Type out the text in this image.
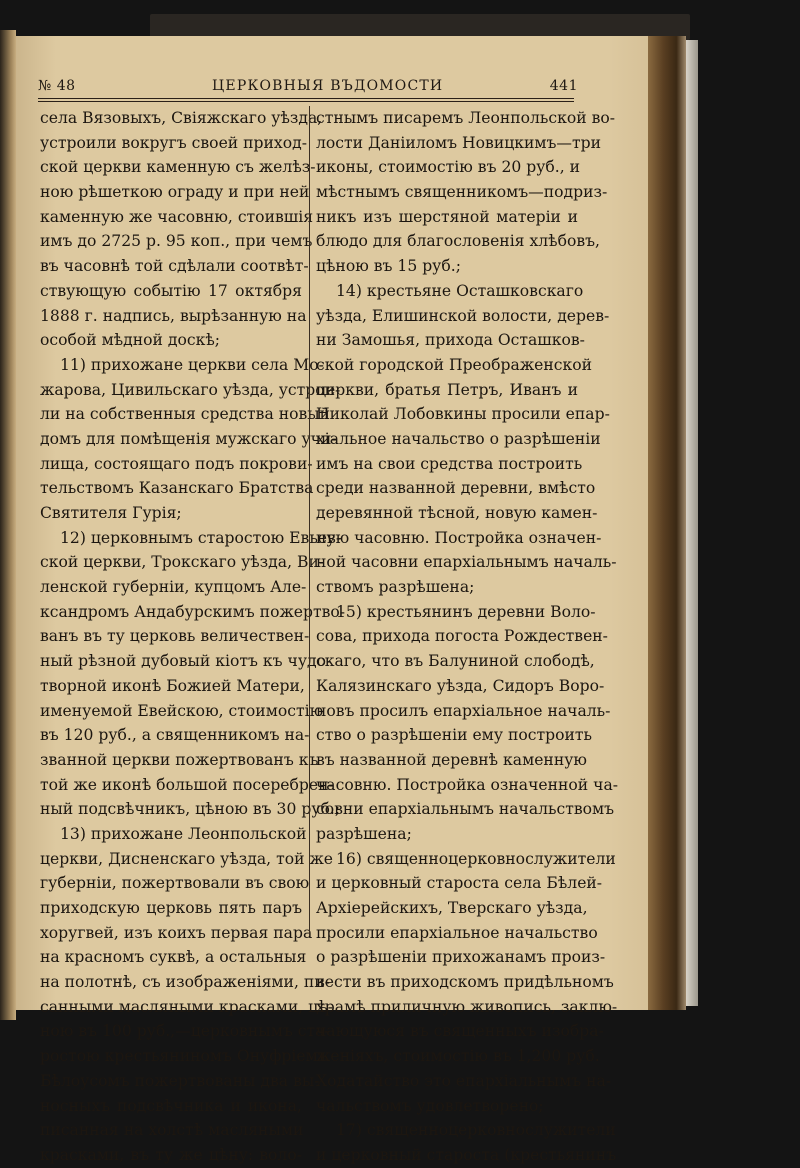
№ 48	ЦЕРКОВНЫЯ ВЪДОМОСТИ	441
села Вязовыхъ, Свіяжскаго уѣзда,
устроили вокругъ своей приход-
ской церкви каменную съ желѣз-
ною рѣшеткою ограду и при ней
каменную же часовню, стоившія
имъ до 2725 р. 95 коп., при чемъ
въ часовнѣ той сдѣлали соотвѣт-
ствующую событію 17 октября
1888 г. надпись, вырѣзанную на
особой мѣдной доскѣ;
11) прихожане церкви села Мо-
жарова, Цивильскаго уѣзда, устрои-
ли на собственныя средства новый
домъ для помѣщенія мужскаго учи-
лища, состоящаго подъ покрови-
тельствомъ Казанскаго Братства
Святителя Гурія;
12) церковнымъ старостою Евьев-
ской церкви, Трокскаго уѣзда, Ви-
ленской губерніи, купцомъ Але-
ксандромъ Андабурскимъ пожертво-
ванъ въ ту церковь величествен-
ный рѣзной дубовый кіотъ къ чудо-
творной иконѣ Божией Матери,
именуемой Евейскою, стоимостію
въ 120 руб., а священникомъ на-
званной церкви пожертвованъ къ
той же иконѣ большой посеребрен-
ный подсвѣчникъ, цѣною въ 30 руб.;
13) прихожане Леонпольской
церкви, Дисненскаго уѣзда, той же
губерніи, пожертвовали въ свою
приходскую церковь пять паръ
хоругвей, изъ коихъ первая пара
на красномъ суквѣ, а остальныя
на полотнѣ, съ изображеніями, пи-
санными масляными красками, цѣ-
ною въ 100 руб.,—церковнымъ ста-
ростою крестьяниномъ Онуфріемъ
Бѣлоусомъ пожертвованы два вы-
носныхъ подсвѣчника и икона,
писанная на холстѣ масляными
красками, въ ту же цѣну: воло-
стнымъ писаремъ Леонпольской во-
лости Даніиломъ Новицкимъ—три
иконы, стоимостію въ 20 руб., и
мѣстнымъ священникомъ—подриз-
никъ изъ шерстяной матеріи и
блюдо для благословенія хлѣбовъ,
цѣною въ 15 руб.;
14) крестьяне Осташковскаго
уѣзда, Елишинской волости, дерев-
ни Замошья, прихода Осташков-
ской городской Преображенской
церкви, братья Петръ, Иванъ и
Николай Лобовкины просили епар-
хіальное начальство о разрѣшеніи
имъ на свои средства построить
среди названной деревни, вмѣсто
деревянной тѣсной, новую камен-
ную часовню. Постройка означен-
ной часовни епархіальнымъ началь-
ствомъ разрѣшена;
15) крестьянинъ деревни Воло-
сова, прихода погоста Рождествен-
скаго, что въ Балуниной слободѣ,
Калязинскаго уѣзда, Сидоръ Воро-
новъ просилъ епархіальное началь-
ство о разрѣшеніи ему построить
въ названной деревнѣ каменную
часовню. Постройка означенной ча-
совни епархіальнымъ начальствомъ
разрѣшена;
16) священноцерковнослужители
и церковный староста села Бѣлей-
Архіерейскихъ, Тверскаго уѣзда,
просили епархіальное начальство
о разрѣшеніи прихожанамъ произ-
вести въ приходскомъ придѣльномъ
храмѣ приличную живопись, заклю-
чающуюся въ священныхъ изобра-
женіяхъ, стоимостію въ 1,200 руб.
Ходатайство это епархіальнымъ на-
чальствомъ удовлетворено;
17) священноцерковнослужители
и церковный староста (крестьянинъ
